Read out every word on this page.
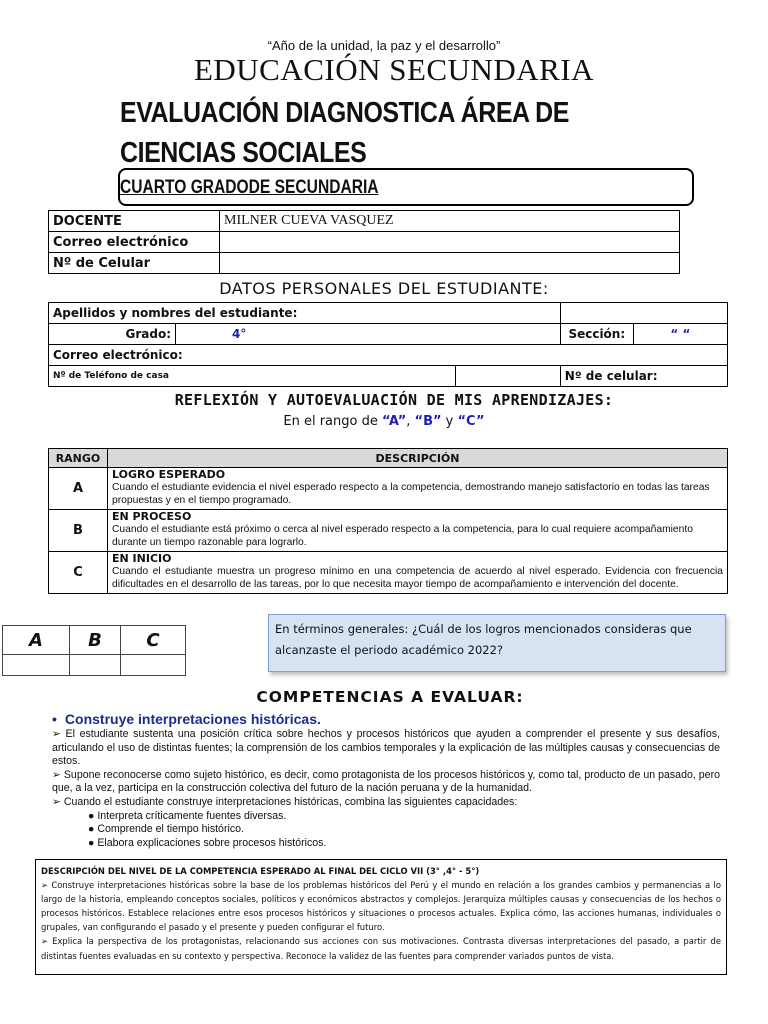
“Año de la unidad, la paz y el desarrollo”
EDUCACIÓN SECUNDARIA
EVALUACIÓN DIAGNOSTICA ÁREA DE
CIENCIAS SOCIALES
CUARTO GRADODE SECUNDARIA
DOCENTE	MILNER CUEVA VASQUEZ
Correo electrónico	
Nº de Celular	
DATOS PERSONALES DEL ESTUDIANTE:
Apellidos y nombres del estudiante:				
Grado:	4°		Sección:	“ “
Correo electrónico:				
Nº de Teléfono de casa			Nº de celular:	
REFLEXIÓN Y AUTOEVALUACIÓN DE MIS APRENDIZAJES:
En el rango de “A”, “B” y “C”
RANGO	DESCRIPCIÓN
A	LOGRO ESPERADO
Cuando el estudiante evidencia el nivel esperado respecto a la competencia, demostrando manejo satisfactorio en todas las tareas propuestas y en el tiempo programado.

B	EN PROCESO
Cuando el estudiante está próximo o cerca al nivel esperado respecto a la competencia, para lo cual requiere acompañamiento durante un tiempo razonable para lograrlo.

C	EN INICIO
Cuando el estudiante muestra un progreso mínimo en una competencia de acuerdo al nivel esperado. Evidencia con frecuencia dificultades en el desarrollo de las tareas, por lo que necesita mayor tiempo de acompañamiento e intervención del docente.
A	B	C

En términos generales: ¿Cuál de los logros mencionados consideras que alcanzaste el periodo académico 2022?
COMPETENCIAS A EVALUAR:
• Construye interpretaciones históricas.

➢ El estudiante sustenta una posición crítica sobre hechos y procesos históricos que ayuden a comprender el presente y sus desafíos, articulando el uso de distintas fuentes; la comprensión de los cambios temporales y la explicación de las múltiples causas y consecuencias de estos.

➢ Supone reconocerse como sujeto histórico, es decir, como protagonista de los procesos históricos y, como tal, producto de un pasado, pero que, a la vez, participa en la construcción colectiva del futuro de la nación peruana y de la humanidad.

➢ Cuando el estudiante construye interpretaciones históricas, combina las siguientes capacidades:

● Interpreta críticamente fuentes diversas.
● Comprende el tiempo histórico.
● Elabora explicaciones sobre procesos históricos.
DESCRIPCIÓN DEL NIVEL DE LA COMPETENCIA ESPERADO AL FINAL DEL CICLO VII (3° ,4° - 5°)
➢ Construye interpretaciones históricas sobre la base de los problemas históricos del Perú y el mundo en relación a los grandes cambios y permanencias a lo largo de la historia, empleando conceptos sociales, políticos y económicos abstractos y complejos. Jerarquiza múltiples causas y consecuencias de los hechos o procesos históricos. Establece relaciones entre esos procesos históricos y situaciones o procesos actuales. Explica cómo, las acciones humanas, individuales o grupales, van configurando el pasado y el presente y pueden configurar el futuro.
➢ Explica la perspectiva de los protagonistas, relacionando sus acciones con sus motivaciones. Contrasta diversas interpretaciones del pasado, a partir de distintas fuentes evaluadas en su contexto y perspectiva. Reconoce la validez de las fuentes para comprender variados puntos de vista.
